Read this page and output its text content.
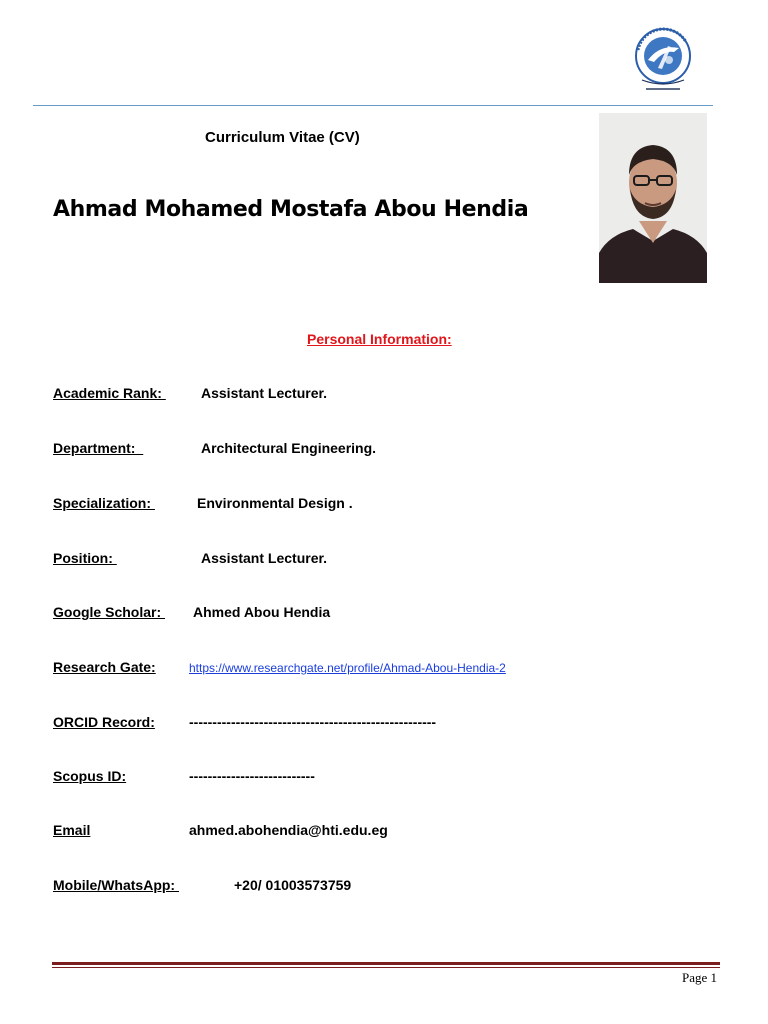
Curriculum Vitae (CV)
Ahmad Mohamed Mostafa Abou Hendia
Personal Information:
Academic Rank:	Assistant Lecturer.
Department:	Architectural Engineering.
Specialization:	Environmental Design .
Position:	Assistant Lecturer.
Google Scholar: Ahmed Abou Hendia
Research Gate:	https://www.researchgate.net/profile/Ahmad-Abou-Hendia-2
ORCID Record: -----------------------------------------------------
Scopus ID:	---------------------------
Email	ahmed.abohendia@hti.edu.eg
Mobile/WhatsApp:	+20/ 01003573759
Page 1
